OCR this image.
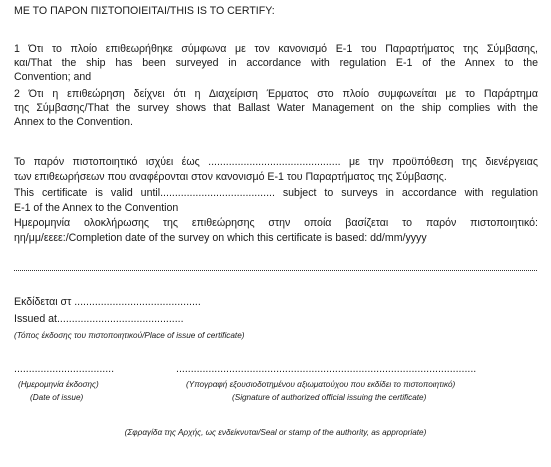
ΜΕ ΤΟ ΠΑΡΟΝ ΠΙΣΤΟΠΟΙΕΙΤΑΙ/THIS IS TO CERTIFY:
1 Ότι το πλοίο επιθεωρήθηκε σύμφωνα με τον κανονισμό Ε-1 του Παραρτήματος της Σύμβασης,
και/That the ship has been surveyed in accordance with regulation E-1 of the Annex to the
Convention; and
2 Ότι η επιθεώρηση δείχνει ότι η Διαχείριση Έρματος στο πλοίο συμφωνείται με το Παράρτημα
της Σύμβασης/That the survey shows that Ballast Water Management on the ship complies with the
Annex to the Convention.
Το παρόν πιστοποιητικό ισχύει έως ............................................. με την προϋπόθεση της διενέργειας
των επιθεωρήσεων που αναφέρονται στον κανονισμό Ε-1 του Παραρτήματος της Σύμβασης.
This certificate is valid until....................................... subject to surveys in accordance with regulation
E-1 of the Annex to the Convention
Ημερομηνία ολοκλήρωσης της επιθεώρησης στην οποία βασίζεται το παρόν πιστοποιητικό:
ηη/μμ/εεεε:/Completion date of the survey on which this certificate is based: dd/mm/yyyy
Εκδίδεται στ ...........................................
Issued at...........................................
(Τόπος έκδοσης του πιστοποιητικού/Place of issue of certificate)
..................................	......................................................................................................
(Ημερομηνία έκδοσης)	(Υπογραφή εξουσιοδοτημένου αξιωματούχου που εκδίδει το πιστοποιητικό)
(Date of issue)	(Signature of authorized official issuing the certificate)
(Σφραγίδα της Αρχής, ως ενδείκνυται/Seal or stamp of the authority, as appropriate)
